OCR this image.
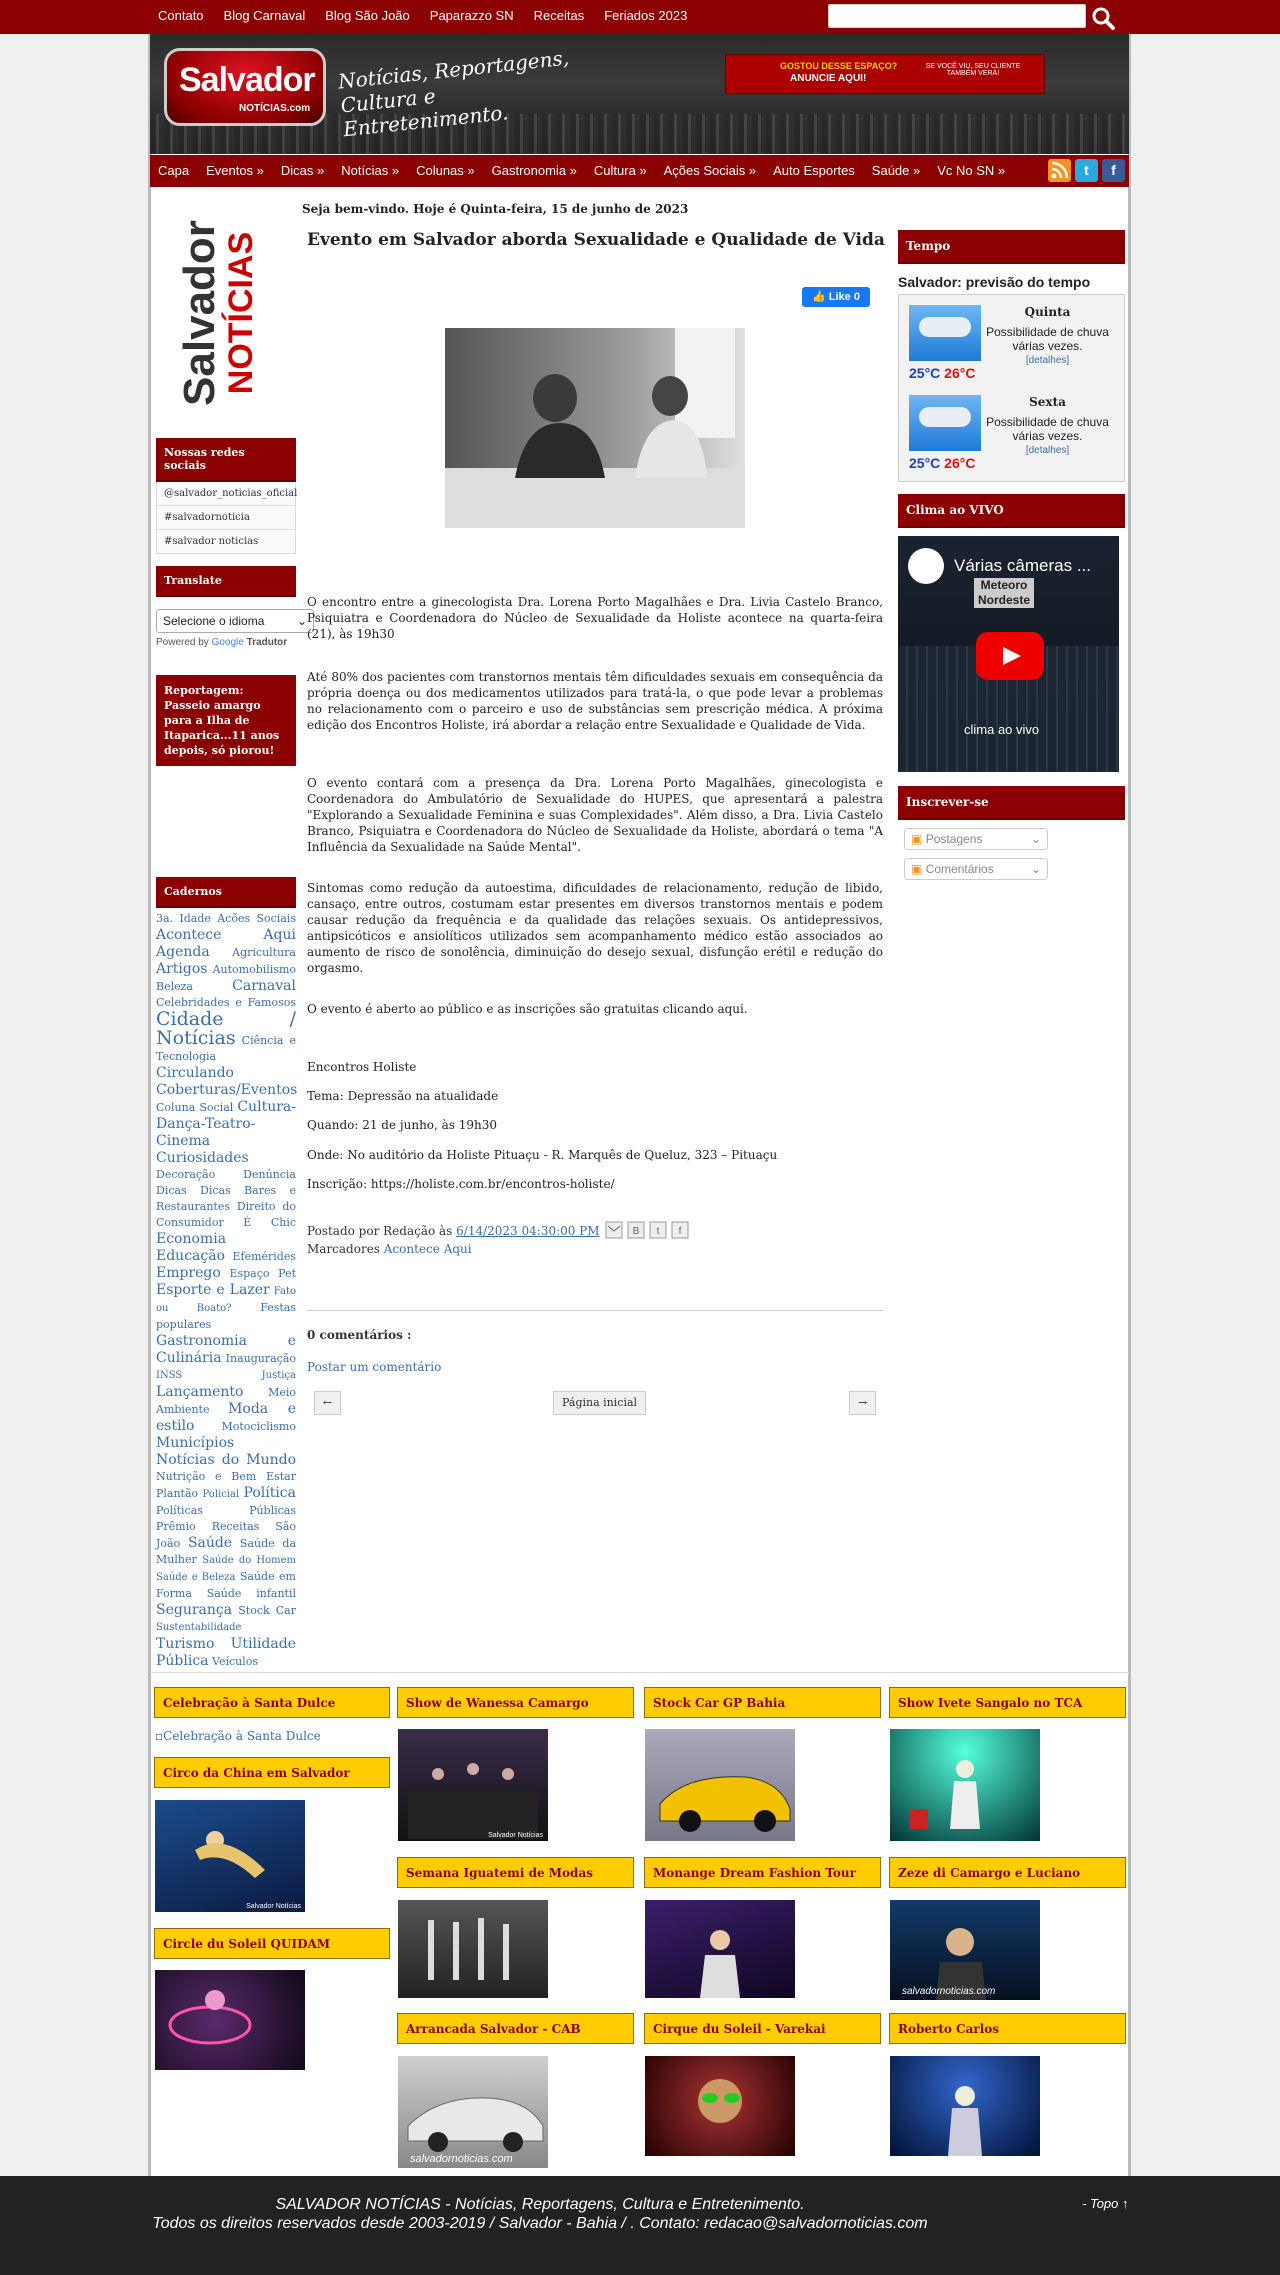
Contato Blog Carnaval Blog São João Paparazzo SN Receitas Feriados 2023
Salvador
NOTÍCIAS.com
Notícias, Reportagens,
Cultura e Entretenimento.
GOSTOU DESSE ESPAÇO?
ANUNCIE AQUI!
SE VOCÊ VIU, SEU CLIENTE TAMBÉM VERÁ!
Capa Eventos » Dicas » Notícias » Colunas » Gastronomia » Cultura » Ações Sociais » Auto Esportes Saúde » Vc No SN »	t	f
Salvador
NOTÍCIAS
Nossas redes sociais
@salvador_noticias_oficial
#salvadornoticia
#salvador noticias
Translate
Selecione o idioma	⌄
Powered by Google Tradutor
Reportagem: Passeio amargo para a Ilha de Itaparica...11 anos depois, só piorou!
Cadernos
3a. Idade Acões Sociais Acontece Aqui Agenda Agricultura Artigos Automobilismo Beleza	Carnaval Celebridades e Famosos Cidade / Notícias Ciência e Tecnologia Circulando Coberturas/Eventos Coluna Social Cultura-Dança-Teatro-Cinema Curiosidades Decoração	Denúncia Dicas Dicas Bares e Restaurantes Direito do Consumidor É Chic Economia Educação Efemérides Emprego Espaço Pet Esporte e Lazer Fato ou Boato?	Festas populares Gastronomia e Culinária Inauguração INSS	Justiça Lançamento Meio Ambiente Moda e estilo Motociclismo Municípios Notícias do Mundo Nutrição e Bem Estar Plantão Policial Política Políticas Públicas Prêmio Receitas São João Saúde Saúde da Mulher Saúde do Homem Saúde e Beleza Saúde em Forma Saúde infantil Segurança Stock Car Sustentabilidade Turismo Utilidade Pública Veículos
Seja bem-vindo. Hoje é Quinta-feira, 15 de junho de 2023
Evento em Salvador aborda Sexualidade e Qualidade de Vida
👍 Like 0
O encontro entre a ginecologista Dra. Lorena Porto Magalhães e Dra. Livia Castelo Branco, Psiquiatra e Coordenadora do Núcleo de Sexualidade da Holiste acontece na quarta-feira (21), às 19h30
Até 80% dos pacientes com transtornos mentais têm dificuldades sexuais em consequência da própria doença ou dos medicamentos utilizados para tratá-la, o que pode levar a problemas no relacionamento com o parceiro e uso de substâncias sem prescrição médica. A próxima edição dos Encontros Holiste, irá abordar a relação entre Sexualidade e Qualidade de Vida.
O evento contará com a presença da Dra. Lorena Porto Magalhães, ginecologista e Coordenadora do Ambulatório de Sexualidade do HUPES, que apresentará a palestra "Explorando a Sexualidade Feminina e suas Complexidades". Além disso, a Dra. Livia Castelo Branco, Psiquiatra e Coordenadora do Núcleo de Sexualidade da Holiste, abordará o tema "A Influência da Sexualidade na Saúde Mental".
Sintomas como redução da autoestima, dificuldades de relacionamento, redução de libido, cansaço, entre outros, costumam estar presentes em diversos transtornos mentais e podem causar redução da frequência e da qualidade das relações sexuais. Os antidepressivos, antipsicóticos e ansiolíticos utilizados sem acompanhamento médico estão associados ao aumento de risco de sonolência, diminuição do desejo sexual, disfunção erétil e redução do orgasmo.
O evento é aberto ao público e as inscrições são gratuitas clicando aqui.
Encontros Holiste
Tema: Depressão na atualidade
Quando: 21 de junho, às 19h30
Onde: No auditório da Holiste Pituaçu - R. Marquês de Queluz, 323 – Pituaçu
Inscrição: https://holiste.com.br/encontros-holiste/
Postado por Redação às 6/14/2023 04:30:00 PM	B t f
Marcadores Acontece Aqui
0 comentários :
Postar um comentário
←	Página inicial	→
Tempo
Salvador: previsão do tempo
25°C 26°C
Quinta
Possibilidade de chuva várias vezes.
[detalhes]
25°C 26°C
Sexta
Possibilidade de chuva várias vezes.
[detalhes]
Clima ao VIVO
Várias câmeras ...
Meteoro
Nordeste
clima ao vivo
Inscrever-se
▣ Postagens	⌄
▣ Comentários	⌄
Celebração à Santa Dulce
▫Celebração à Santa Dulce
Circo da China em Salvador
Salvador Notícias
Circle du Soleil QUIDAM
Show de Wanessa Camargo
Salvador Notícias
Semana Iguatemi de Modas
Arrancada Salvador - CAB
salvadornoticias.com
Stock Car GP Bahia
Monange Dream Fashion Tour
Cirque du Soleil - Varekai
Show Ivete Sangalo no TCA
Zeze di Camargo e Luciano
salvadornoticias.com
Roberto Carlos
SALVADOR NOTÍCIAS - Notícias, Reportagens, Cultura e Entretenimento.
Todos os direitos reservados desde 2003-2019 / Salvador - Bahia / . Contato: redacao@salvadornoticias.com
- Topo ↑
